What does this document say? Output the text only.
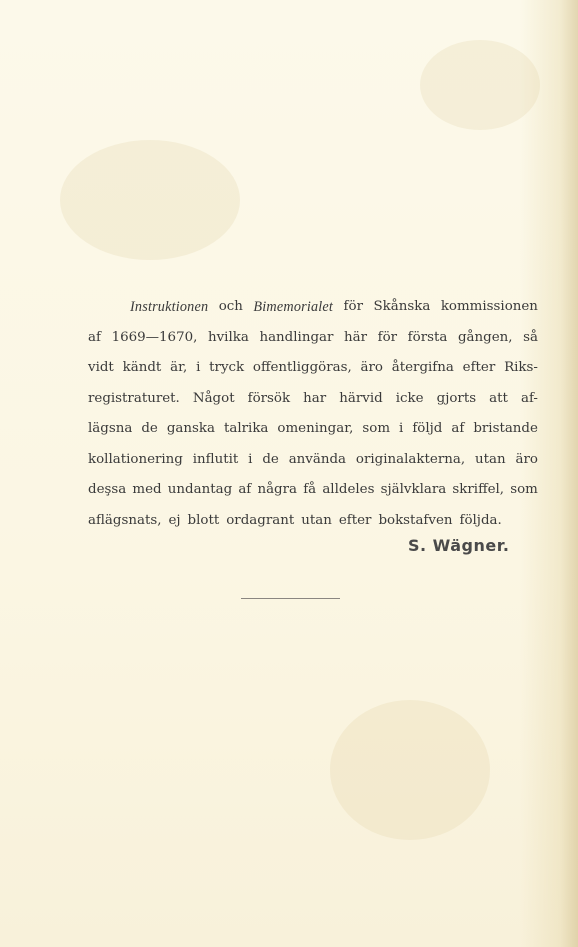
Instruktionen och Bimemorialet för Skånska kommissionen
af 1669—1670, hvilka handlingar här för första gången, så
vidt kändt är, i tryck offentliggöras, äro återgifna efter Riks-
registraturet. Något försök har härvid icke gjorts att af-
lägsna de ganska talrika omeningar, som i följd af bristande
kollationering influtit i de använda originalakterna, utan äro
deşsa med undantag af några få alldeles självklara skriffel, som
aflägsnats, ej blott ordagrant utan efter bokstafven följda.
S. Wägner.
